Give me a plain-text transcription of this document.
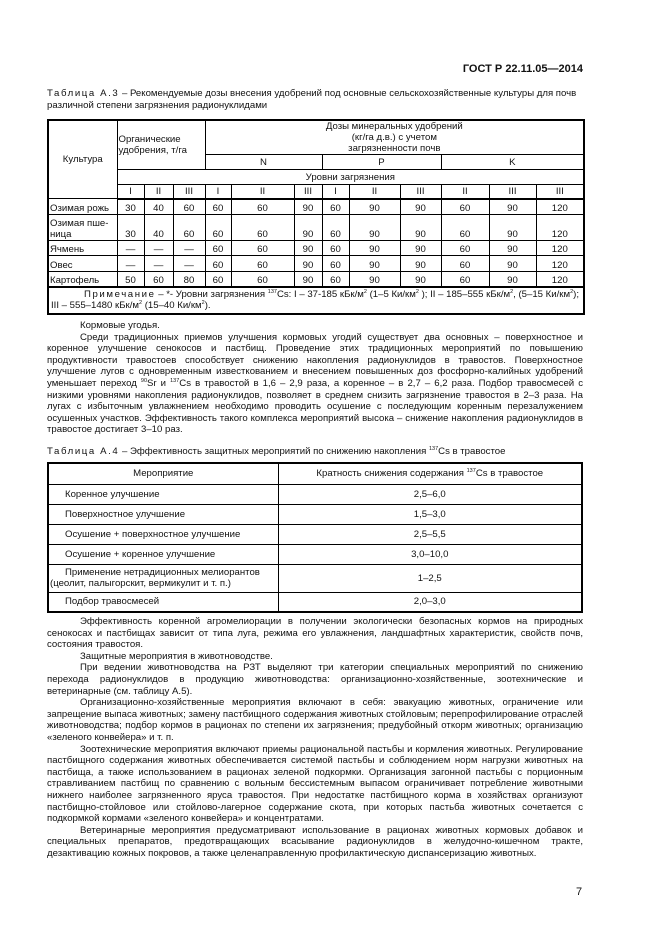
ГОСТ Р 22.11.05—2014
Таблица А.3 – Рекомендуемые дозы внесения удобрений под основные сельскохозяйственные культуры для почв различной степени загрязнения радионуклидами
Культура	Органические удобрения, т/га			Дозы минеральных удобрений (кг/га д.в.) с учетом загрязненности почв								
				N			P			K		
	Уровни загрязнения											
	I	II	III	I	II	III	I	II	III	II	III	III
Озимая рожь	30	40	60	60	60	90	60	90	90	60	90	120
Озимая пше-ница	30	40	60	60	60	90	60	90	90	60	90	120
Ячмень	—	—	—	60	60	90	60	90	90	60	90	120
Овес	—	—	—	60	60	90	60	90	90	60	90	120
Картофель	50	60	80	60	60	90	60	90	90	60	90	120
Примечание – *- Уровни загрязнения $^{137}$Cs: I – 37-185 кБк/$м^2$ (1–5 $Ки/км^2$ ); II – 185–555 кБк/$м^2$, (5–15 $Ки/км^2$); III – 555–1480 кБк/$м^2$ (15–40 $Ки/км^2$).												

Кормовые угодья.

Среди традиционных приемов улучшения кормовых угодий существует два основных – поверхностное и коренное улучшение сенокосов и пастбищ. Проведение этих традиционных мероприятий по повышению продуктивности травостоев способствует снижению накопления радионуклидов в травостов. Поверхностное улучшение лугов с одновременным известкованием и внесением повышенных доз фосфорно-калийных удобрений уменьшает переход $^{90}$Sr и $^{137}$Cs в травостой в 1,6 – 2,9 раза, а коренное – в 2,7 – 6,2 раза. Подбор травосмесей с низкими уровнями накопления радионуклидов, позволяет в среднем снизить загрязнение травостоя в 2–3 раза. На лугах с избыточным увлажнением необходимо проводить осушение с последующим коренным перезалужением осушенных участков. Эффективность такого комплекса мероприятий высока – снижение накопления радионуклидов в травостое достигает 3–10 раз.

Таблица А.4 – Эффективность защитных мероприятий по снижению накопления $^{137}$Cs в травостое
Мероприятие	Кратность снижения содержания $^{137}$Cs в травостое
Коренное улучшение	2,5–6,0
Поверхностное улучшение	1,5–3,0
Осушение + поверхностное улучшение	2,5–5,5
Осушение + коренное улучшение	3,0–10,0
Применение нетрадиционных мелиорантов (цеолит, палыгорскит, вермикулит и т. п.)	1–2,5
Подбор травосмесей	2,0–3,0

Эффективность коренной агромелиорации в получении экологически безопасных кормов на природных сенокосах и пастбищах зависит от типа луга, режима его увлажнения, ландшафтных характеристик, свойств почв, состояния травостоя.

Защитные мероприятия в животноводстве.

При ведении животноводства на РЗТ выделяют три категории специальных мероприятий по снижению перехода радионуклидов в продукцию животноводства: организационно-хозяйственные, зоотехнические и ветеринарные (см. таблицу А.5).

Организационно-хозяйственные мероприятия включают в себя: эвакуацию животных, ограничение или запрещение выпаса животных; замену пастбищного содержания животных стойловым; перепрофилирование отраслей животноводства; подбор кормов в рационах по степени их загрязнения; предубойный откорм животных; организацию «зеленого конвейера» и т. п.

Зоотехнические мероприятия включают приемы рациональной пастьбы и кормления животных. Регулирование пастбищного содержания животных обеспечивается системой пастьбы и соблюдением норм нагрузки животных на пастбища, а также использованием в рационах зеленой подкормки. Организация загонной пастьбы с порционным стравливанием пастбищ по сравнению с вольным бессистемным выпасом ограничивает потребление животными нижнего наиболее загрязненного яруса травостоя. При недостатке пастбищного корма в хозяйствах организуют пастбищно-стойловое или стойлово-лагерное содержание скота, при которых пастьба животных сочетается с подкормкой кормами «зеленого конвейера» и концентратами.

Ветеринарные мероприятия предусматривают использование в рационах животных кормовых добавок и специальных препаратов, предотвращающих всасывание радионуклидов в желудочно-кишечном тракте, дезактивацию кожных покровов, а также целенаправленную профилактическую диспансеризацию животных.

7
